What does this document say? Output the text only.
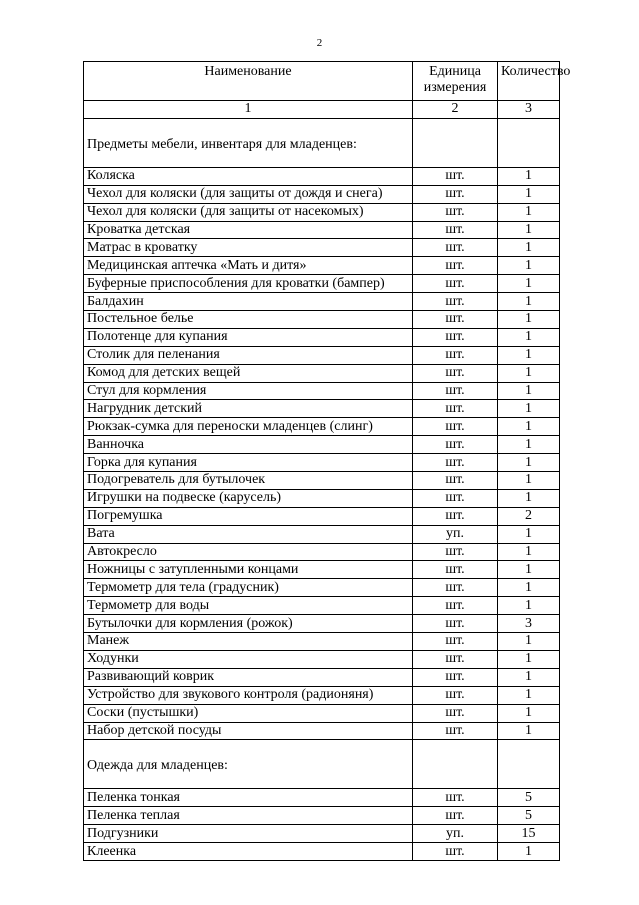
2
Наименование	Единица измерения	Количество
1	2	3
Предметы мебели, инвентаря для младенцев:		
Коляска	шт.	1
Чехол для коляски (для защиты от дождя и снега)	шт.	1
Чехол для коляски (для защиты от насекомых)	шт.	1
Кроватка детская	шт.	1
Матрас в кроватку	шт.	1
Медицинская аптечка «Мать и дитя»	шт.	1
Буферные приспособления для кроватки (бампер)	шт.	1
Балдахин	шт.	1
Постельное белье	шт.	1
Полотенце для купания	шт.	1
Столик для пеленания	шт.	1
Комод для детских вещей	шт.	1
Стул для кормления	шт.	1
Нагрудник детский	шт.	1
Рюкзак-сумка для переноски младенцев (слинг)	шт.	1
Ванночка	шт.	1
Горка для купания	шт.	1
Подогреватель для бутылочек	шт.	1
Игрушки на подвеске (карусель)	шт.	1
Погремушка	шт.	2
Вата	уп.	1
Автокресло	шт.	1
Ножницы с затупленными концами	шт.	1
Термометр для тела (градусник)	шт.	1
Термометр для воды	шт.	1
Бутылочки для кормления (рожок)	шт.	3
Манеж	шт.	1
Ходунки	шт.	1
Развивающий коврик	шт.	1
Устройство для звукового контроля (радионяня)	шт.	1
Соски (пустышки)	шт.	1
Набор детской посуды	шт.	1
Одежда для младенцев:		
Пеленка тонкая	шт.	5
Пеленка теплая	шт.	5
Подгузники	уп.	15
Клеенка	шт.	1
